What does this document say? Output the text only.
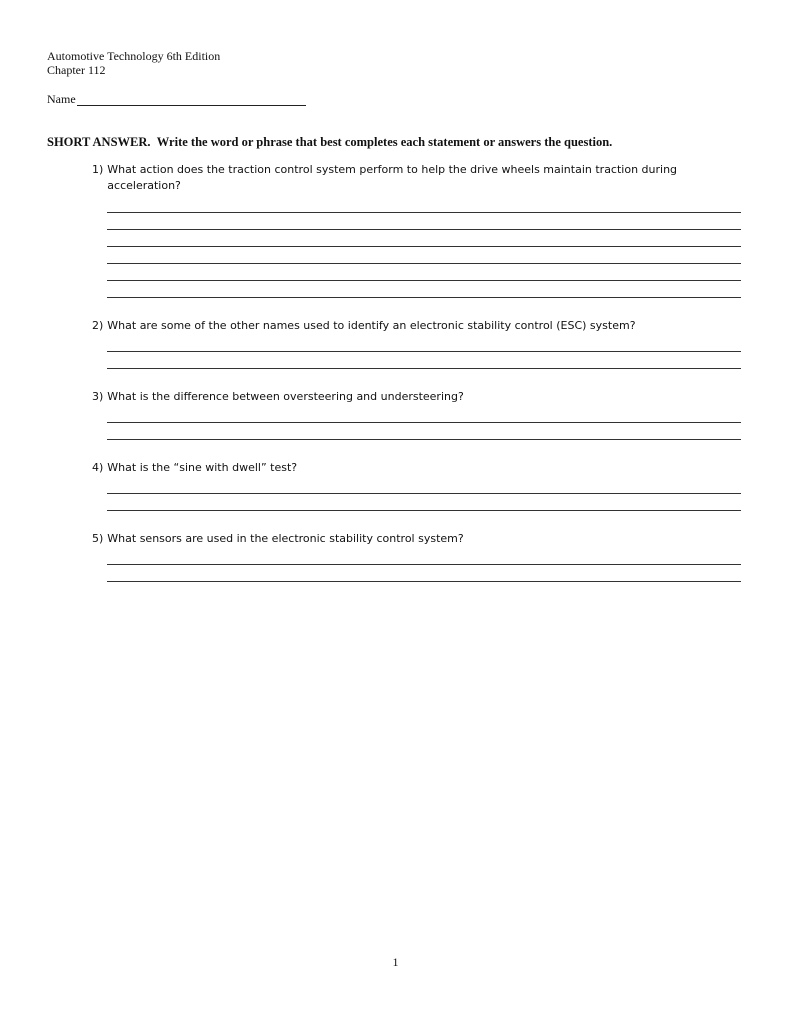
Automotive Technology 6th Edition
Chapter 112
Name
SHORT ANSWER. Write the word or phrase that best completes each statement or answers the question.
1) What action does the traction control system perform to help the drive wheels maintain traction during
acceleration?
2) What are some of the other names used to identify an electronic stability control (ESC) system?
3) What is the difference between oversteering and understeering?
4) What is the “sine with dwell” test?
5) What sensors are used in the electronic stability control system?
1
